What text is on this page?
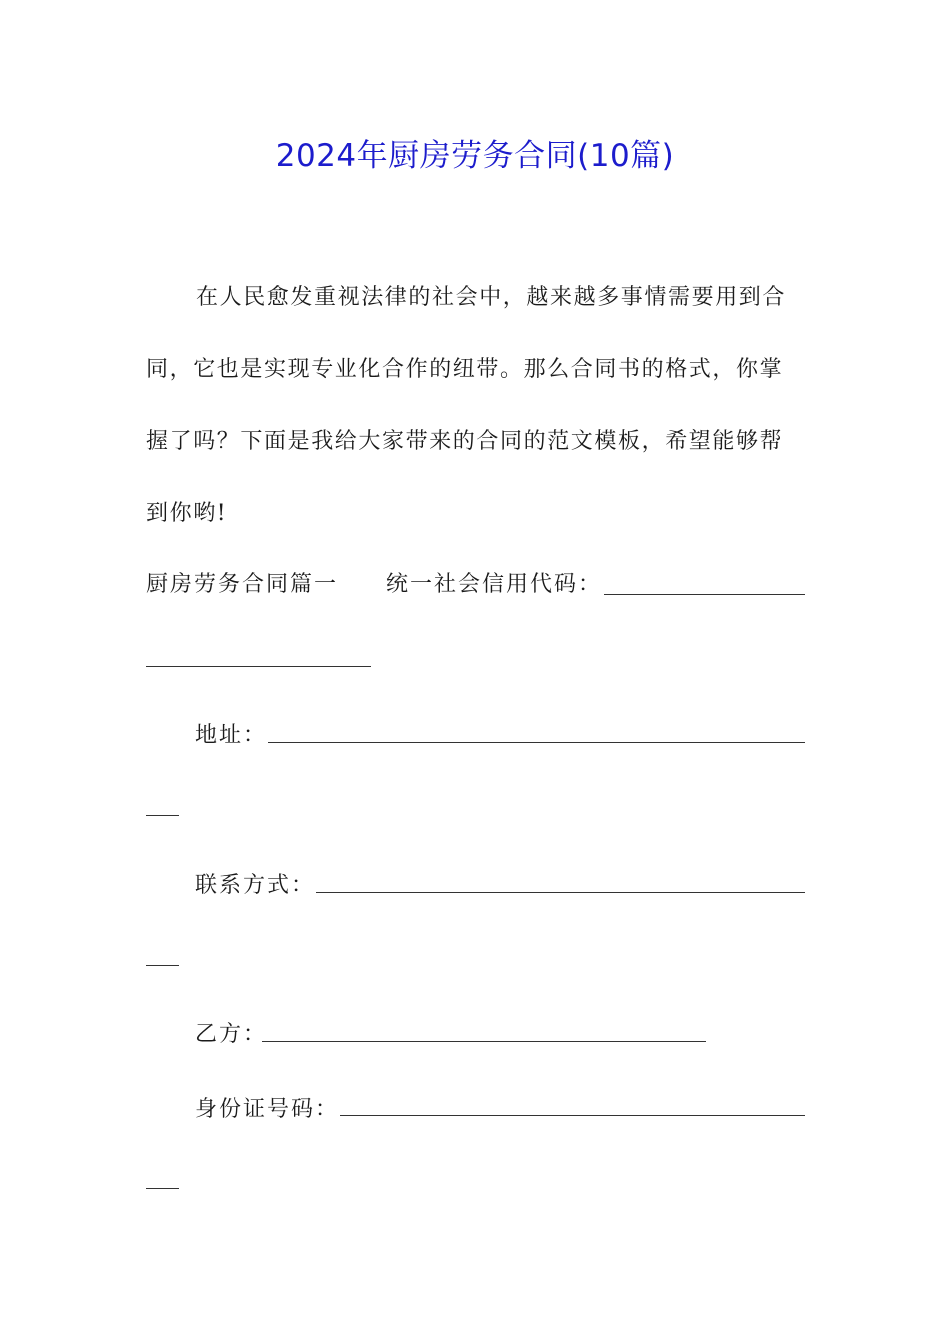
2024年厨房劳务合同(10篇)

在人民愈发重视法律的社会中，越来越多事情需要用到合同，它也是实现专业化合作的纽带。那么合同书的格式，你掌握了吗？下面是我给大家带来的合同的范文模板，希望能够帮到你哟!

厨房劳务合同篇一 统一社会信用代码：
地址：
联系方式：
乙方：
身份证号码：
